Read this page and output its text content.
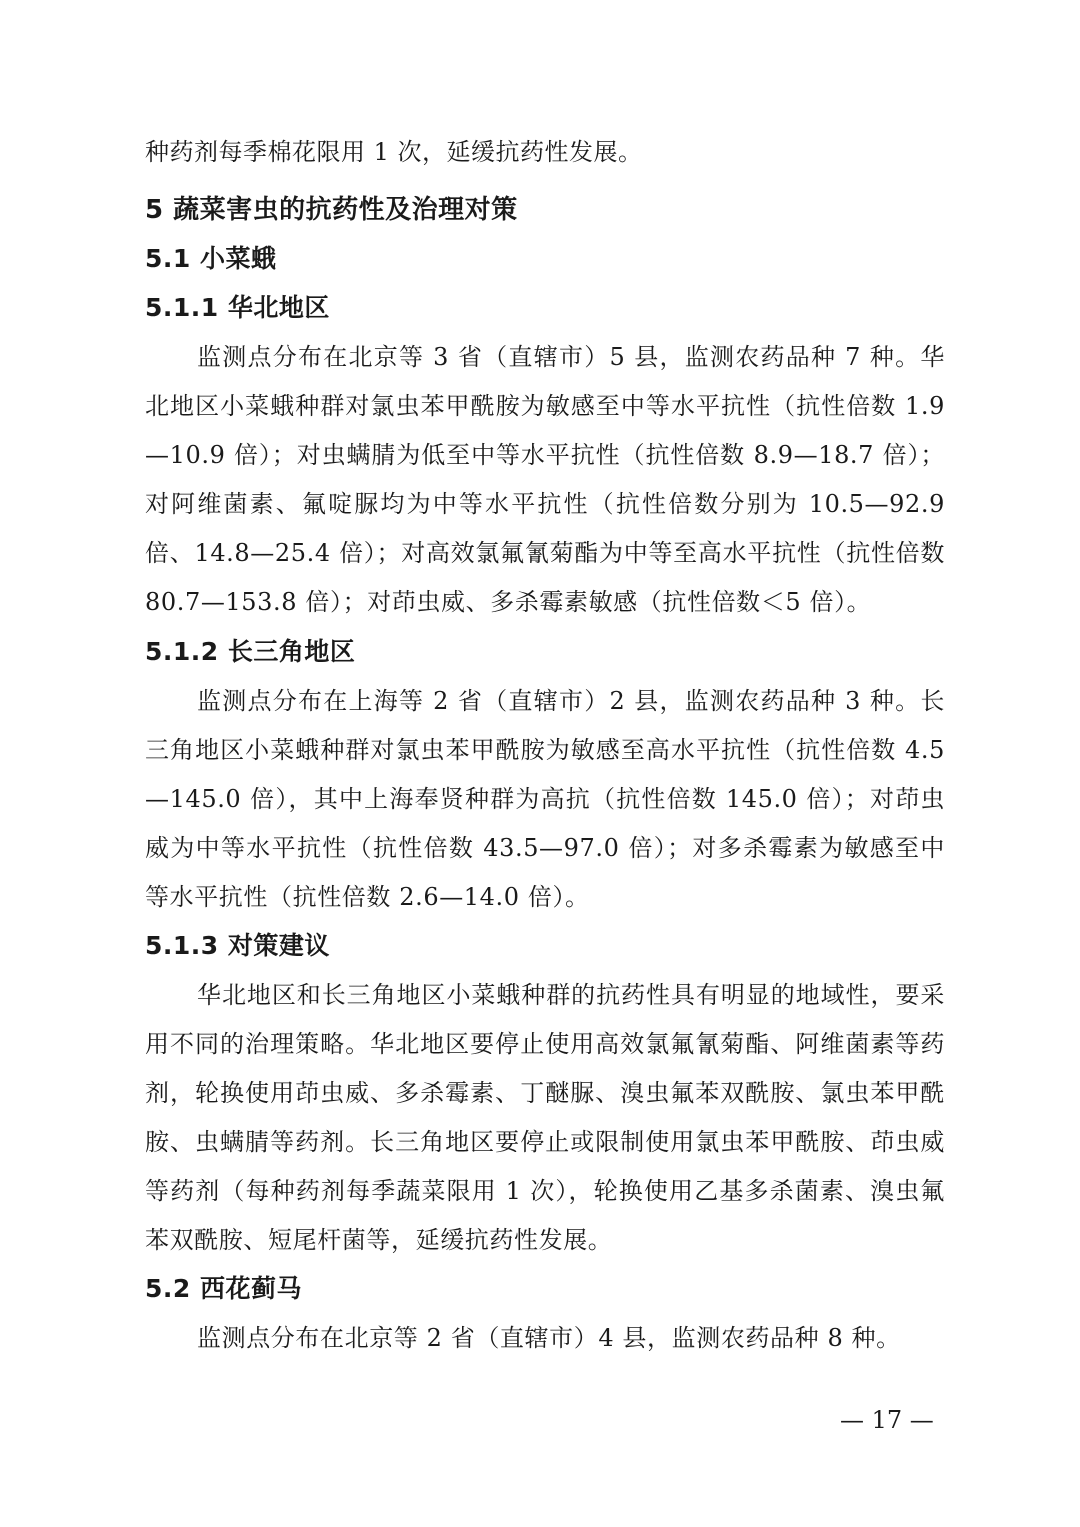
种药剂每季棉花限用 1 次，延缓抗药性发展。
5 蔬菜害虫的抗药性及治理对策
5.1 小菜蛾
5.1.1 华北地区

监测点分布在北京等 3 省（直辖市）5 县，监测农药品种 7 种。华北地区小菜蛾种群对氯虫苯甲酰胺为敏感至中等水平抗性（抗性倍数 1.9—10.9 倍）；对虫螨腈为低至中等水平抗性（抗性倍数 8.9—18.7 倍）；对阿维菌素、氟啶脲均为中等水平抗性（抗性倍数分别为 10.5—92.9 倍、14.8—25.4 倍）；对高效氯氟氰菊酯为中等至高水平抗性（抗性倍数 80.7—153.8 倍）；对茚虫威、多杀霉素敏感（抗性倍数＜5 倍）。

5.1.2 长三角地区

监测点分布在上海等 2 省（直辖市）2 县，监测农药品种 3 种。长三角地区小菜蛾种群对氯虫苯甲酰胺为敏感至高水平抗性（抗性倍数 4.5—145.0 倍），其中上海奉贤种群为高抗（抗性倍数 145.0 倍）；对茚虫威为中等水平抗性（抗性倍数 43.5—97.0 倍）；对多杀霉素为敏感至中等水平抗性（抗性倍数 2.6—14.0 倍）。

5.1.3 对策建议

华北地区和长三角地区小菜蛾种群的抗药性具有明显的地域性，要采用不同的治理策略。华北地区要停止使用高效氯氟氰菊酯、阿维菌素等药剂，轮换使用茚虫威、多杀霉素、丁醚脲、溴虫氟苯双酰胺、氯虫苯甲酰胺、虫螨腈等药剂。长三角地区要停止或限制使用氯虫苯甲酰胺、茚虫威等药剂（每种药剂每季蔬菜限用 1 次），轮换使用乙基多杀菌素、溴虫氟苯双酰胺、短尾杆菌等，延缓抗药性发展。

5.2 西花蓟马

监测点分布在北京等 2 省（直辖市）4 县，监测农药品种 8 种。

— 17 —
